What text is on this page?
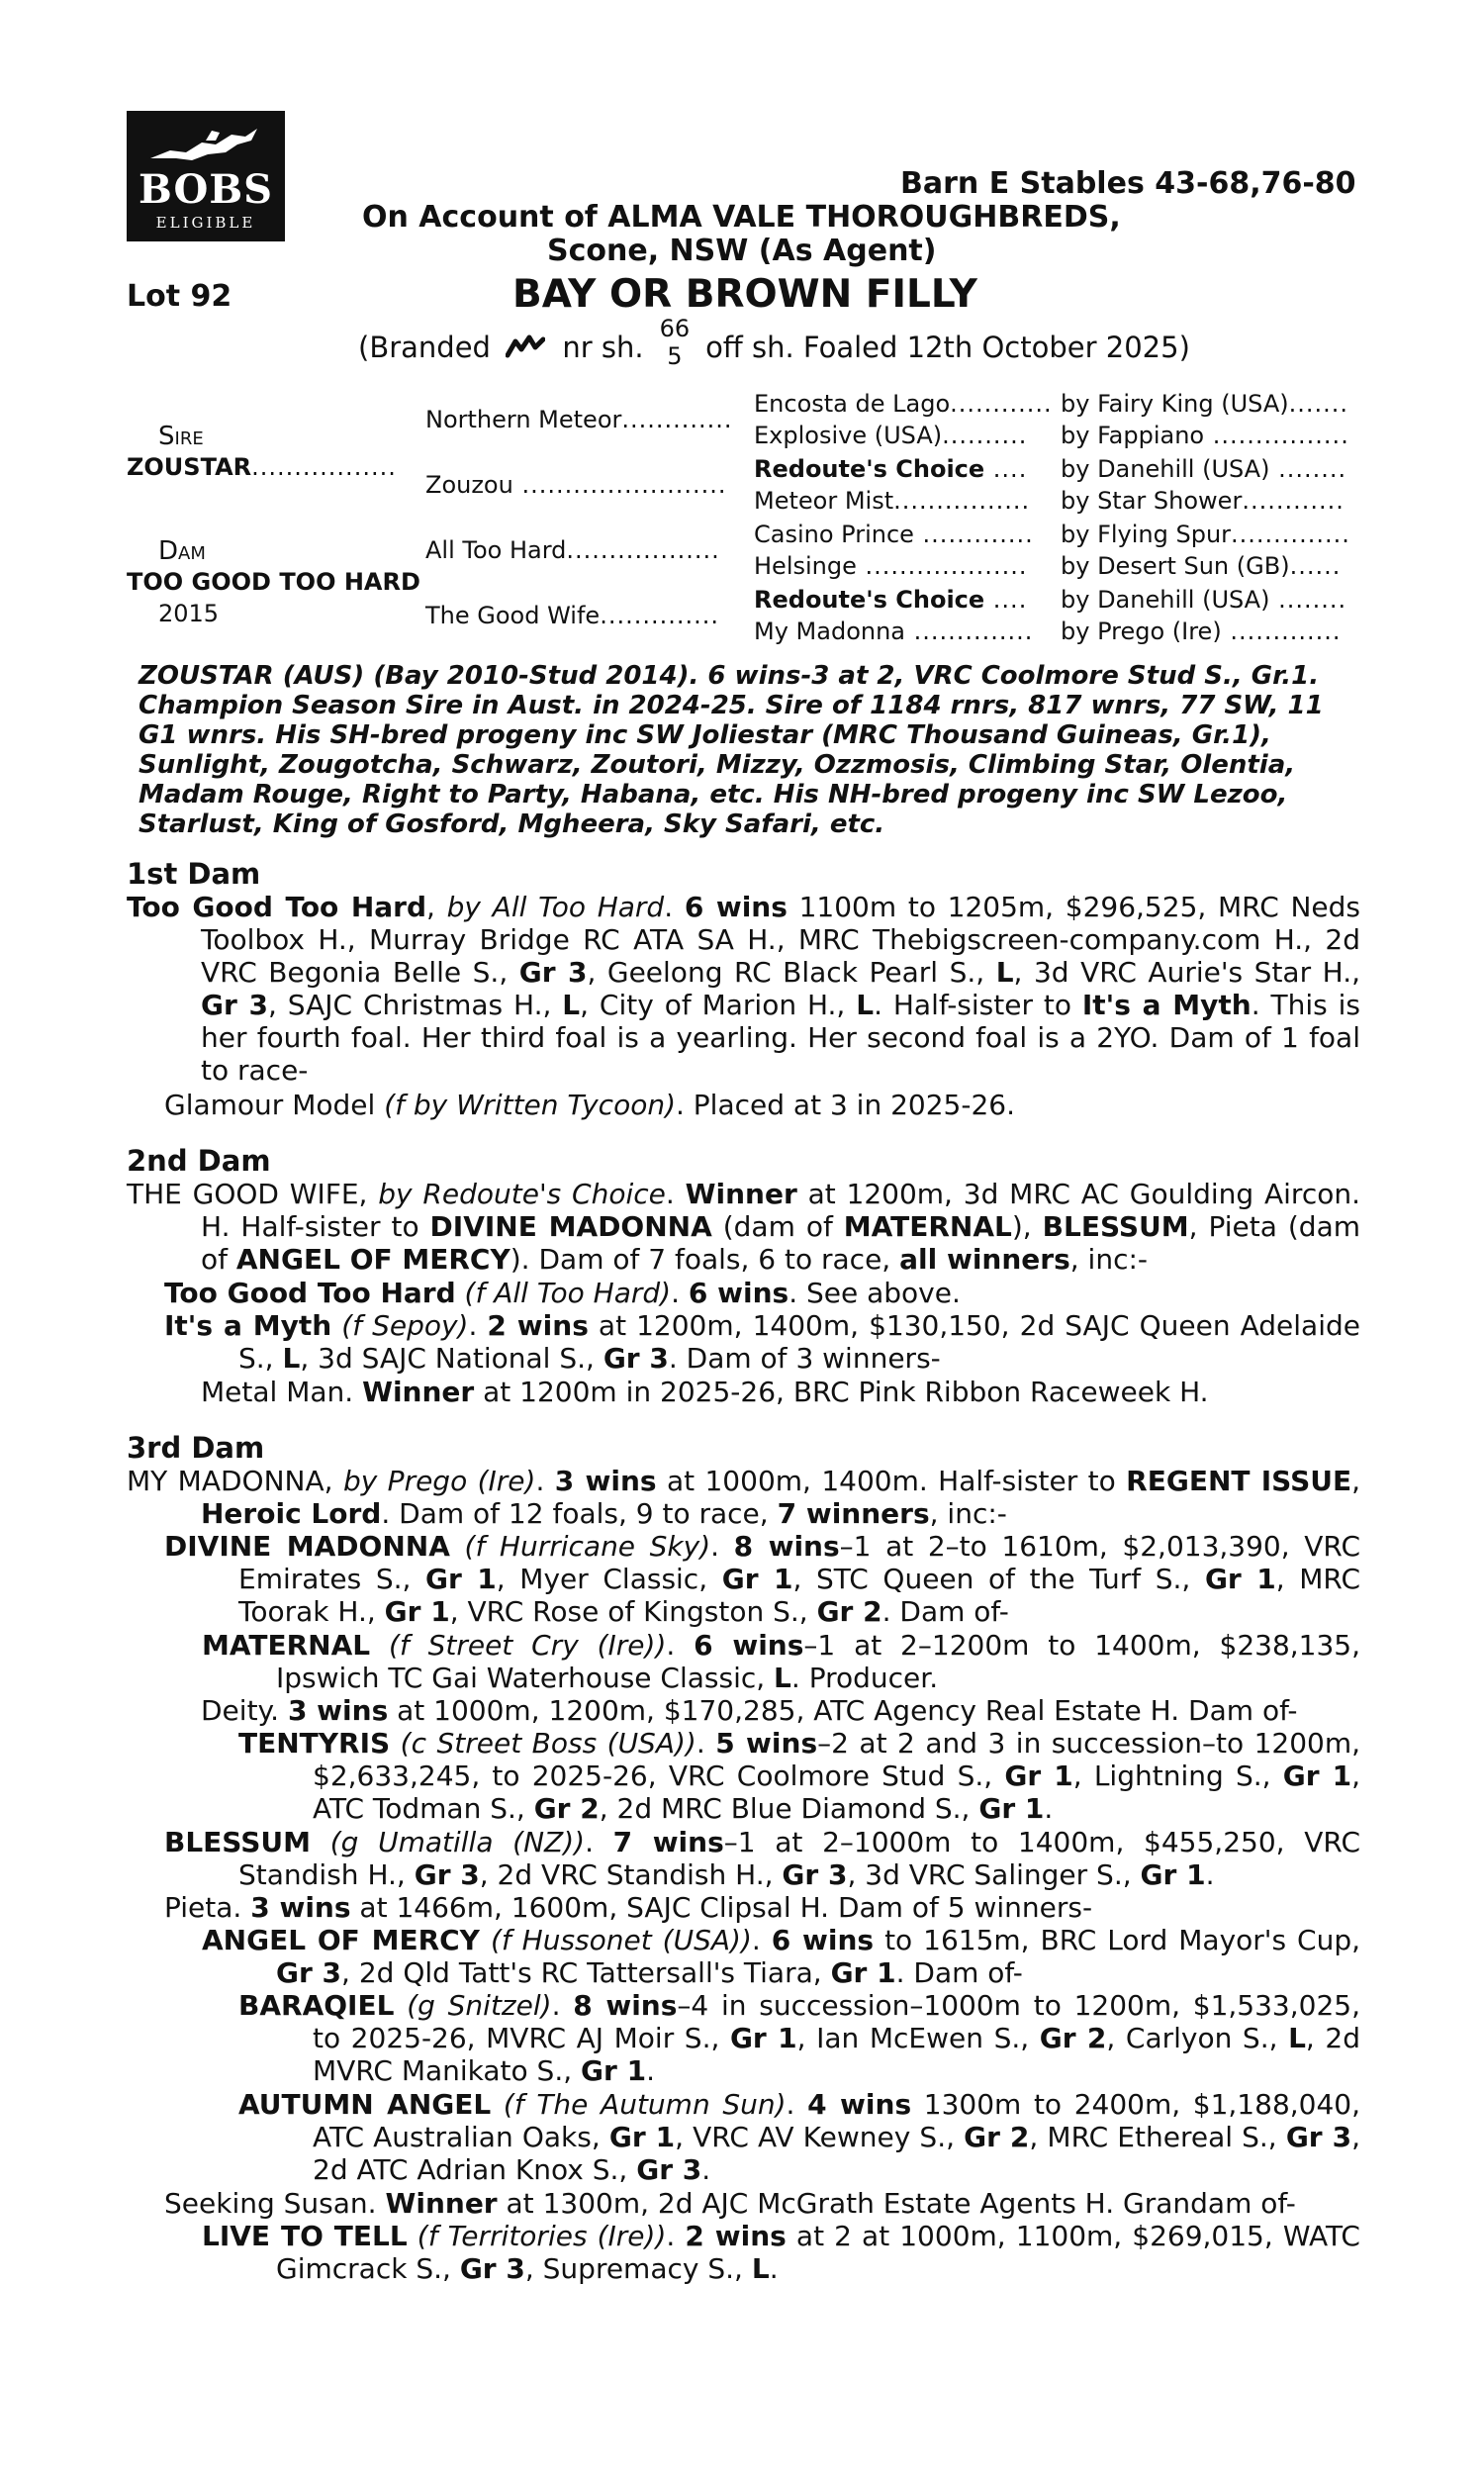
BOBS
ELIGIBLE
Barn E Stables 43-68,76-80
On Account of ALMA VALE THOROUGHBREDS,
Scone, NSW (As Agent)
Lot 92	BAY OR BROWN FILLY
(Branded nr sh.
66
5 off sh. Foaled 12th October 2025)
Sire
ZOUSTAR.................
Dam
TOO GOOD TOO HARD
2015
Northern Meteor.............
Zouzou ........................
All Too Hard..................
The Good Wife..............
Encosta de Lago............
Explosive (USA)..........
Redoute's Choice ....
Meteor Mist................
Casino Prince .............
Helsinge ...................
Redoute's Choice ....
My Madonna ..............
by Fairy King (USA).......
by Fappiano ................
by Danehill (USA) ........
by Star Shower............
by Flying Spur..............
by Desert Sun (GB)......
by Danehill (USA) ........
by Prego (Ire) .............
ZOUSTAR (AUS) (Bay 2010-Stud 2014). 6 wins-3 at 2, VRC Coolmore Stud S., Gr.1. Champion Season Sire in Aust. in 2024-25. Sire of 1184 rnrs, 817 wnrs, 77 SW, 11 G1 wnrs. His SH-bred progeny inc SW Joliestar (MRC Thousand Guineas, Gr.1), Sunlight, Zougotcha, Schwarz, Zoutori, Mizzy, Ozzmosis, Climbing Star, Olentia, Madam Rouge, Right to Party, Habana, etc. His NH-bred progeny inc SW Lezoo, Starlust, King of Gosford, Mgheera, Sky Safari, etc.
1st Dam
Too Good Too Hard, by All Too Hard. 6 wins 1100m to 1205m, $296,525, MRC Neds Toolbox H., Murray Bridge RC ATA SA H., MRC Thebigscreen-company.com H., 2d VRC Begonia Belle S., Gr 3, Geelong RC Black Pearl S., L, 3d VRC Aurie's Star H., Gr 3, SAJC Christmas H., L, City of Marion H., L. Half-sister to It's a Myth. This is her fourth foal. Her third foal is a yearling. Her second foal is a 2YO. Dam of 1 foal to race-
Glamour Model (f by Written Tycoon). Placed at 3 in 2025-26.
2nd Dam
THE GOOD WIFE, by Redoute's Choice. Winner at 1200m, 3d MRC AC Goulding Aircon. H. Half-sister to DIVINE MADONNA (dam of MATERNAL), BLESSUM, Pieta (dam of ANGEL OF MERCY). Dam of 7 foals, 6 to race, all winners, inc:-
Too Good Too Hard (f All Too Hard). 6 wins. See above.
It's a Myth (f Sepoy). 2 wins at 1200m, 1400m, $130,150, 2d SAJC Queen Adelaide S., L, 3d SAJC National S., Gr 3. Dam of 3 winners-
Metal Man. Winner at 1200m in 2025-26, BRC Pink Ribbon Raceweek H.
3rd Dam
MY MADONNA, by Prego (Ire). 3 wins at 1000m, 1400m. Half-sister to REGENT ISSUE, Heroic Lord. Dam of 12 foals, 9 to race, 7 winners, inc:-
DIVINE MADONNA (f Hurricane Sky). 8 wins–1 at 2–to 1610m, $2,013,390, VRC Emirates S., Gr 1, Myer Classic, Gr 1, STC Queen of the Turf S., Gr 1, MRC Toorak H., Gr 1, VRC Rose of Kingston S., Gr 2. Dam of-
MATERNAL (f Street Cry (Ire)). 6 wins–1 at 2–1200m to 1400m, $238,135, Ipswich TC Gai Waterhouse Classic, L. Producer.
Deity. 3 wins at 1000m, 1200m, $170,285, ATC Agency Real Estate H. Dam of-
TENTYRIS (c Street Boss (USA)). 5 wins–2 at 2 and 3 in succession–to 1200m, $2,633,245, to 2025-26, VRC Coolmore Stud S., Gr 1, Lightning S., Gr 1, ATC Todman S., Gr 2, 2d MRC Blue Diamond S., Gr 1.
BLESSUM (g Umatilla (NZ)). 7 wins–1 at 2–1000m to 1400m, $455,250, VRC Standish H., Gr 3, 2d VRC Standish H., Gr 3, 3d VRC Salinger S., Gr 1.
Pieta. 3 wins at 1466m, 1600m, SAJC Clipsal H. Dam of 5 winners-
ANGEL OF MERCY (f Hussonet (USA)). 6 wins to 1615m, BRC Lord Mayor's Cup, Gr 3, 2d Qld Tatt's RC Tattersall's Tiara, Gr 1. Dam of-
BARAQIEL (g Snitzel). 8 wins–4 in succession–1000m to 1200m, $1,533,025, to 2025-26, MVRC AJ Moir S., Gr 1, Ian McEwen S., Gr 2, Carlyon S., L, 2d MVRC Manikato S., Gr 1.
AUTUMN ANGEL (f The Autumn Sun). 4 wins 1300m to 2400m, $1,188,040, ATC Australian Oaks, Gr 1, VRC AV Kewney S., Gr 2, MRC Ethereal S., Gr 3, 2d ATC Adrian Knox S., Gr 3.
Seeking Susan. Winner at 1300m, 2d AJC McGrath Estate Agents H. Grandam of-
LIVE TO TELL (f Territories (Ire)). 2 wins at 2 at 1000m, 1100m, $269,015, WATC Gimcrack S., Gr 3, Supremacy S., L.
